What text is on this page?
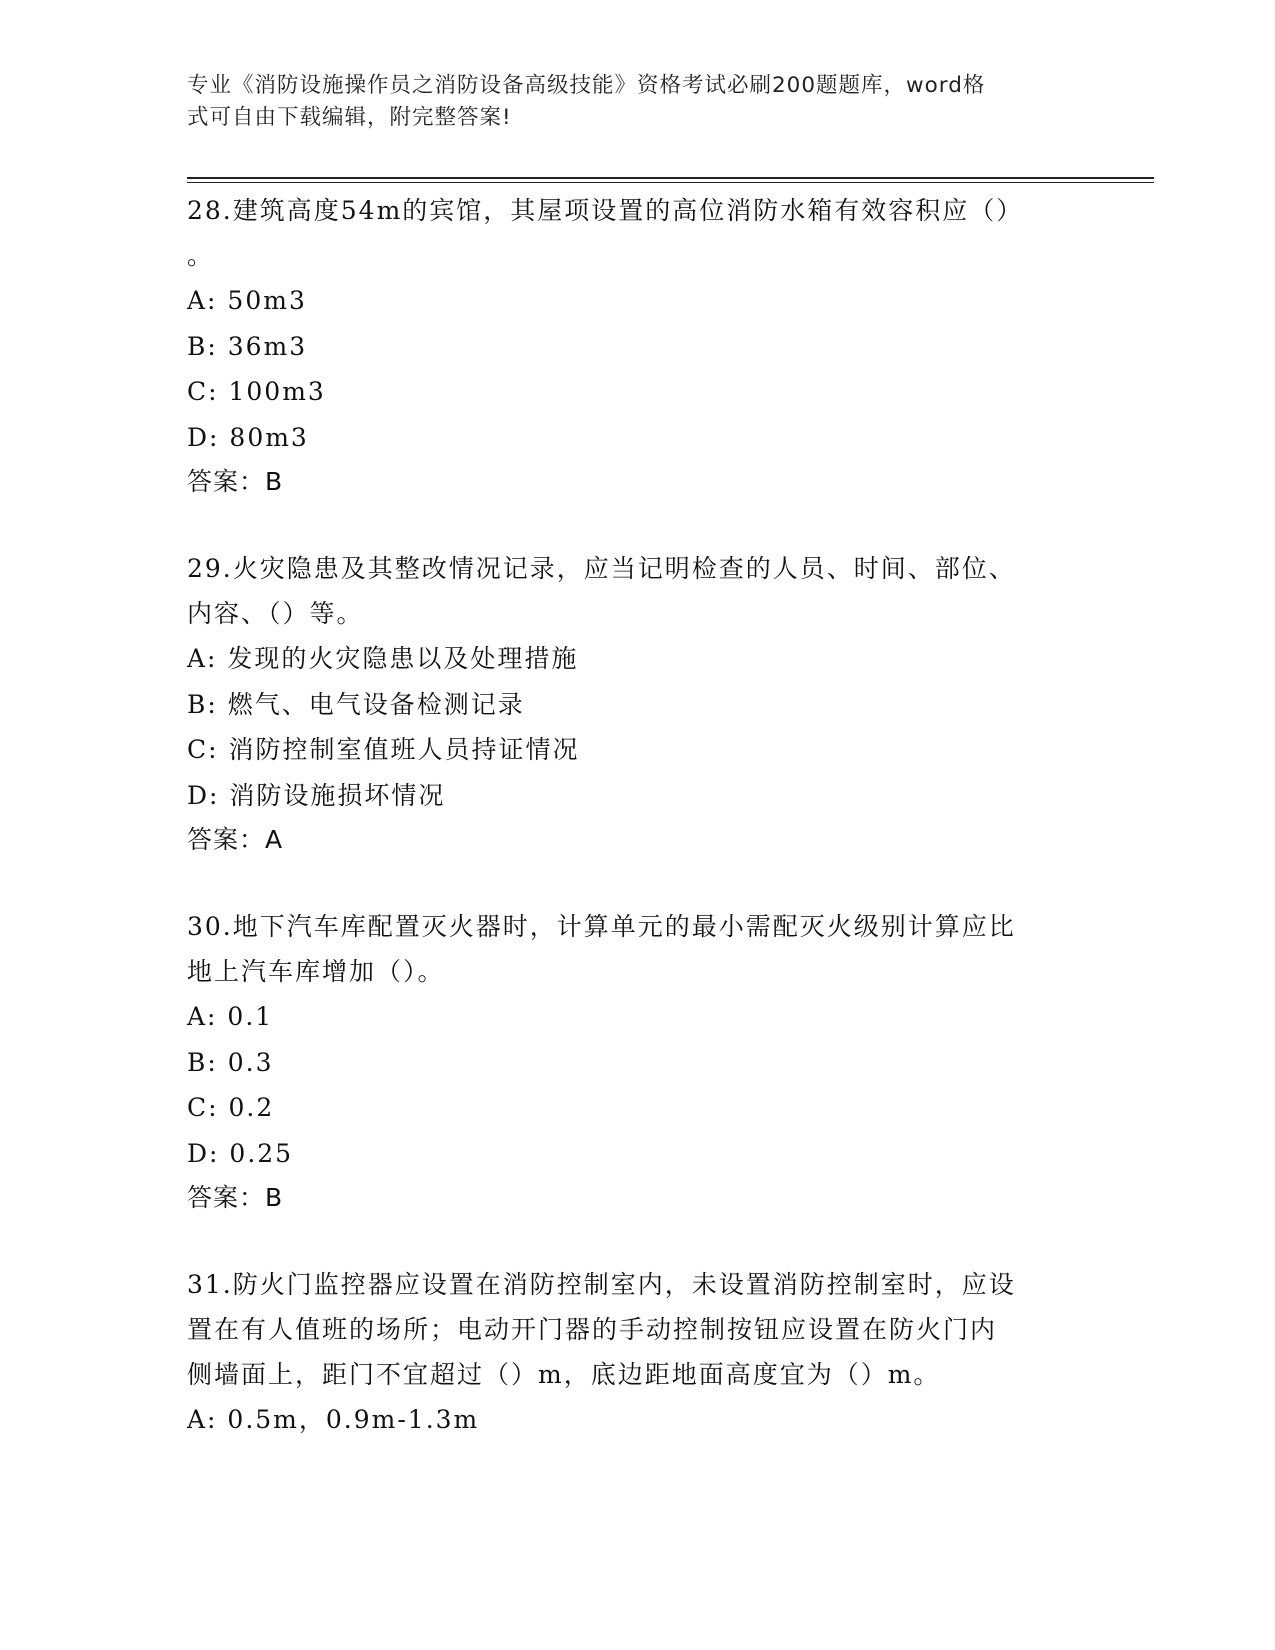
专业《消防设施操作员之消防设备高级技能》资格考试必刷200题题库，word格
式可自由下载编辑，附完整答案!
28.建筑高度54m的宾馆，其屋项设置的高位消防水箱有效容积应（）
。
A: 50m3
B: 36m3
C: 100m3
D: 80m3
答案：B
29.火灾隐患及其整改情况记录，应当记明检查的人员、时间、部位、
内容、（）等。
A: 发现的火灾隐患以及处理措施
B: 燃气、电气设备检测记录
C: 消防控制室值班人员持证情况
D: 消防设施损坏情况
答案：A
30.地下汽车库配置灭火器时，计算单元的最小需配灭火级别计算应比
地上汽车库增加（）。
A: 0.1
B: 0.3
C: 0.2
D: 0.25
答案：B
31.防火门监控器应设置在消防控制室内，未设置消防控制室时，应设
置在有人值班的场所；电动开门器的手动控制按钮应设置在防火门内
侧墙面上，距门不宜超过（）m，底边距地面高度宜为（）m。
A: 0.5m，0.9m-1.3m
